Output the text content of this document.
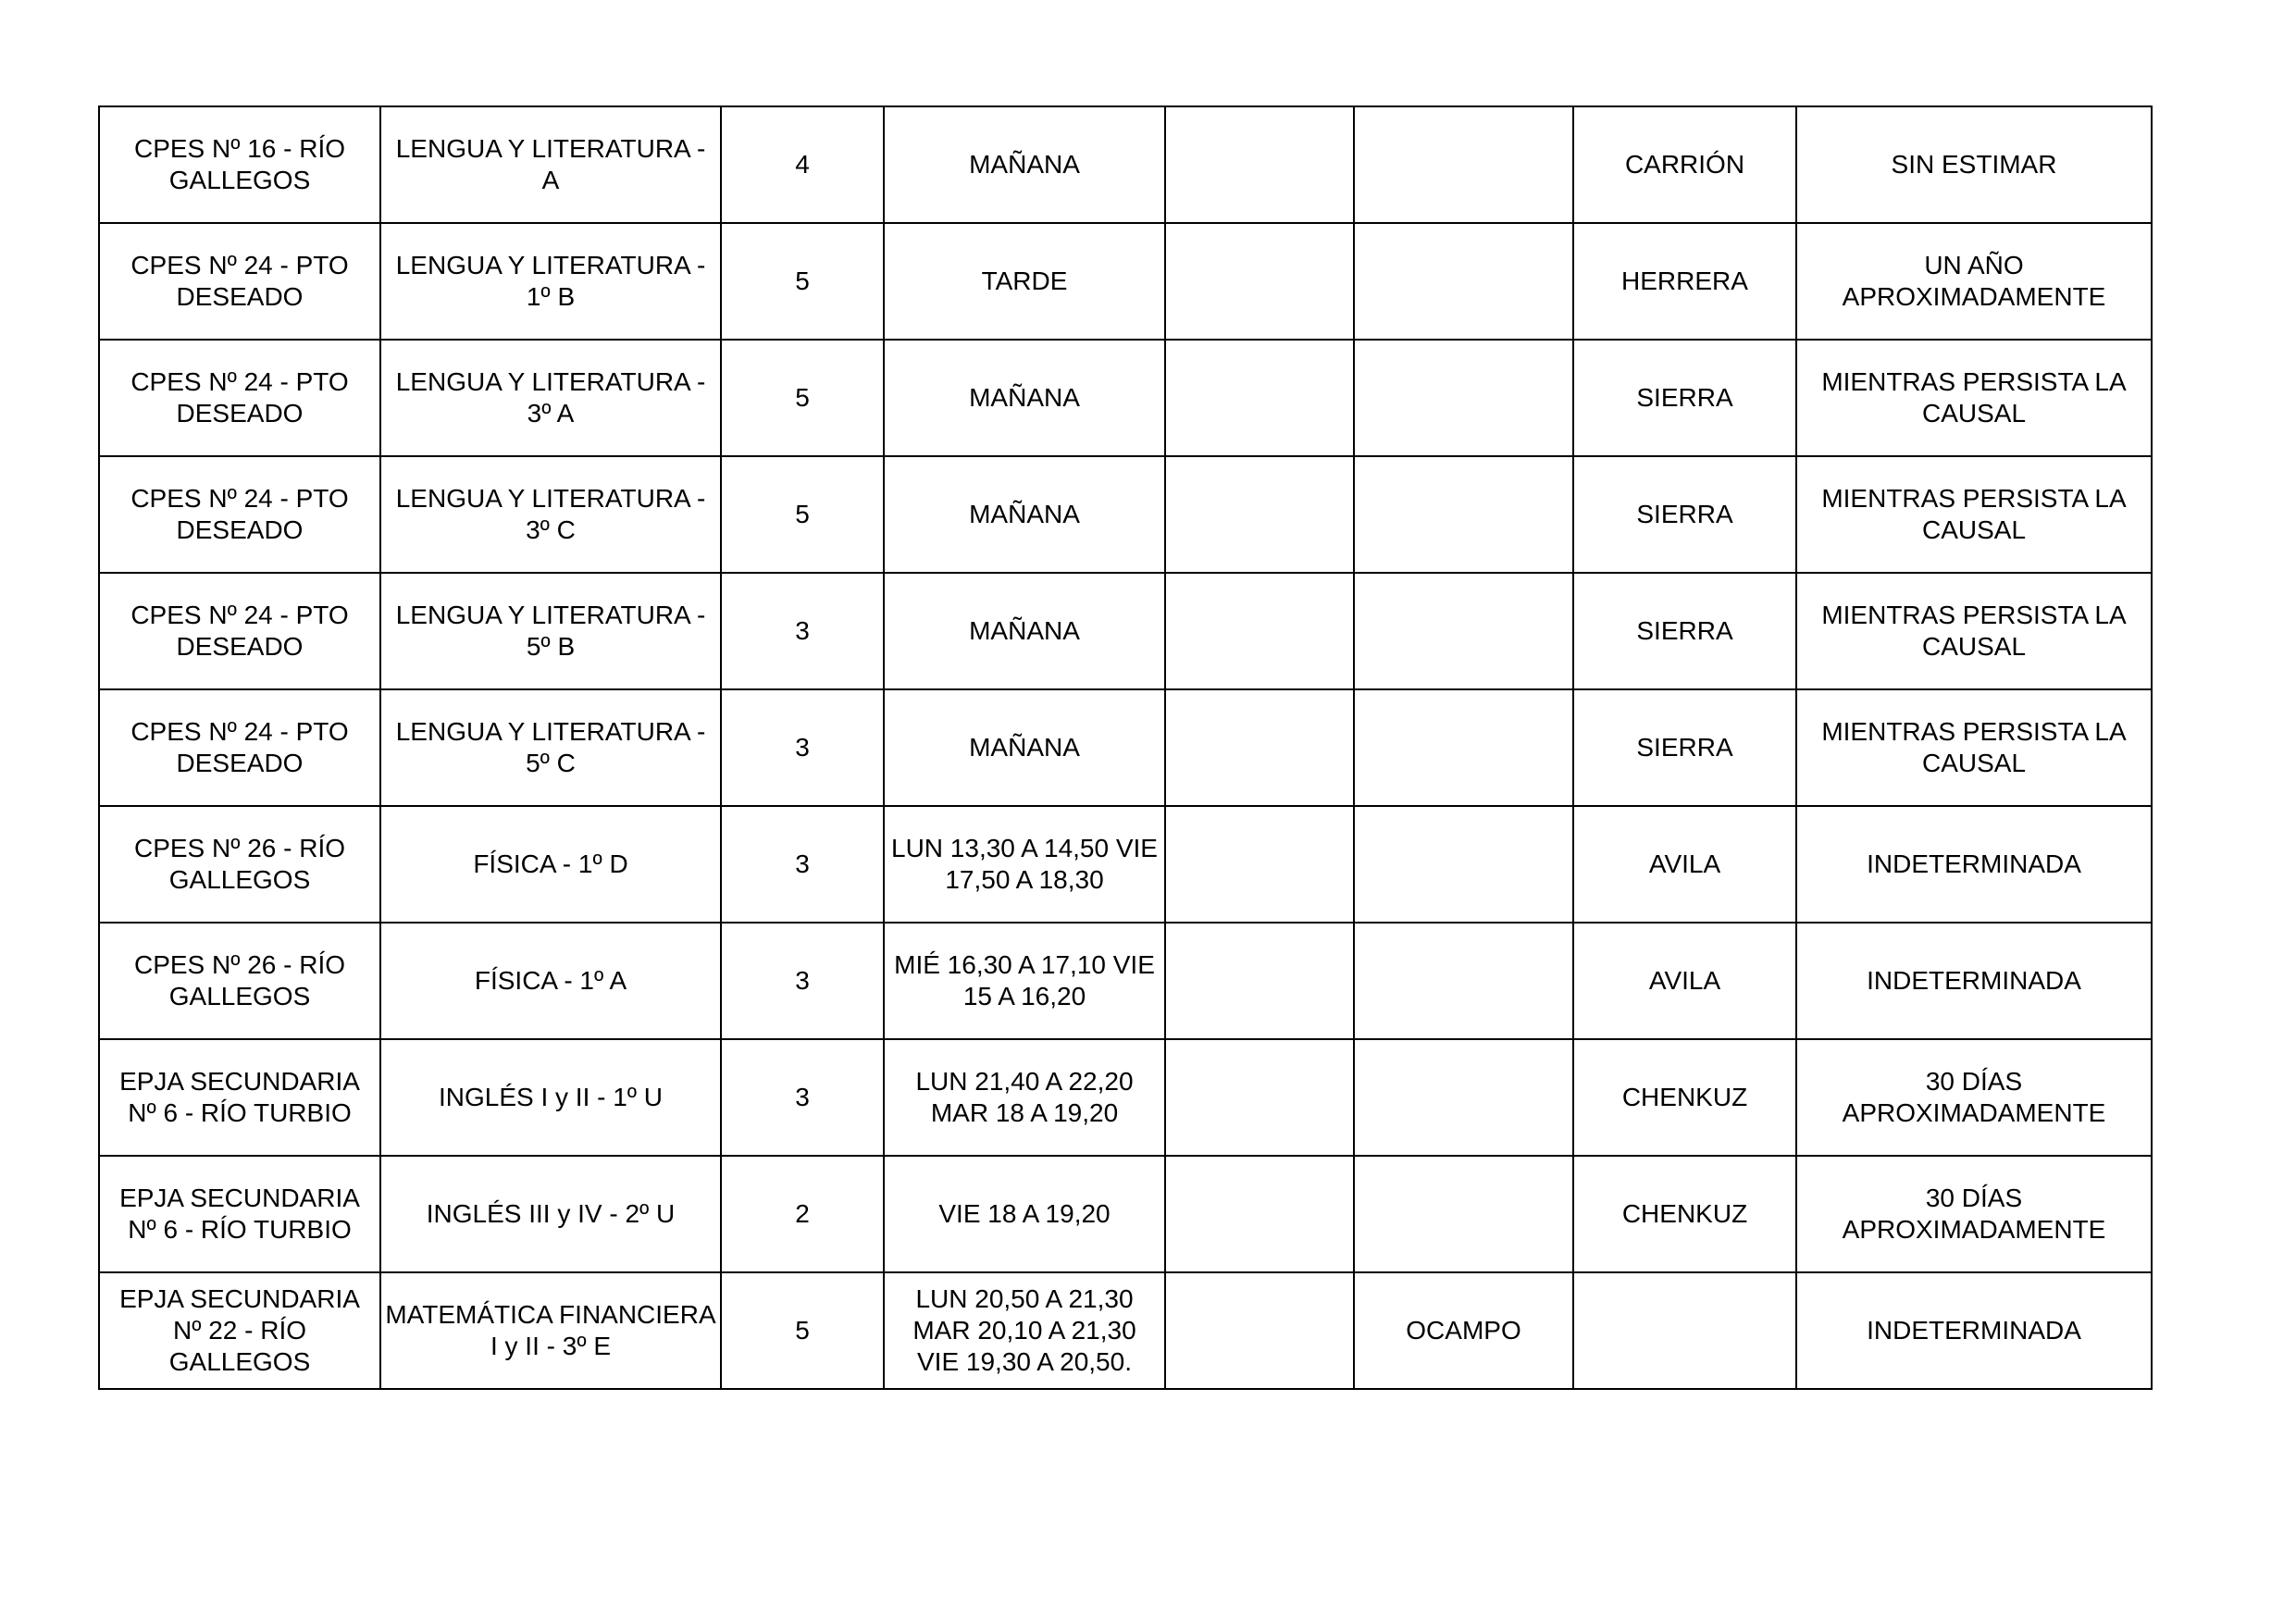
CPES Nº 16 - RÍO GALLEGOS	LENGUA Y LITERATURA - A	4	MAÑANA			CARRIÓN	SIN ESTIMAR

CPES Nº 24 - PTO DESEADO	LENGUA Y LITERATURA - 1º B	5	TARDE			HERRERA	UN AÑO APROXIMADAMENTE

CPES Nº 24 - PTO DESEADO	LENGUA Y LITERATURA - 3º A	5	MAÑANA			SIERRA	MIENTRAS PERSISTA LA CAUSAL

CPES Nº 24 - PTO DESEADO	LENGUA Y LITERATURA - 3º C	5	MAÑANA			SIERRA	MIENTRAS PERSISTA LA CAUSAL

CPES Nº 24 - PTO DESEADO	LENGUA Y LITERATURA - 5º B	3	MAÑANA			SIERRA	MIENTRAS PERSISTA LA CAUSAL

CPES Nº 24 - PTO DESEADO	LENGUA Y LITERATURA - 5º C	3	MAÑANA			SIERRA	MIENTRAS PERSISTA LA CAUSAL

CPES Nº 26 - RÍO GALLEGOS	FÍSICA - 1º D	3	LUN 13,30 A 14,50 VIE 17,50 A 18,30			AVILA	INDETERMINADA

CPES Nº 26 - RÍO GALLEGOS	FÍSICA - 1º A	3	MIÉ 16,30 A 17,10 VIE 15 A 16,20			AVILA	INDETERMINADA

EPJA SECUNDARIA Nº 6 - RÍO TURBIO	INGLÉS I y II - 1º U	3	LUN 21,40 A 22,20 MAR 18 A 19,20			CHENKUZ	30 DÍAS APROXIMADAMENTE

EPJA SECUNDARIA Nº 6 - RÍO TURBIO	INGLÉS III y IV - 2º U	2	VIE 18 A 19,20			CHENKUZ	30 DÍAS APROXIMADAMENTE

EPJA SECUNDARIA Nº 22 - RÍO GALLEGOS	MATEMÁTICA FINANCIERA I y II - 3º E	5	LUN 20,50 A 21,30 MAR 20,10 A 21,30 VIE 19,30 A 20,50.		OCAMPO		INDETERMINADA
